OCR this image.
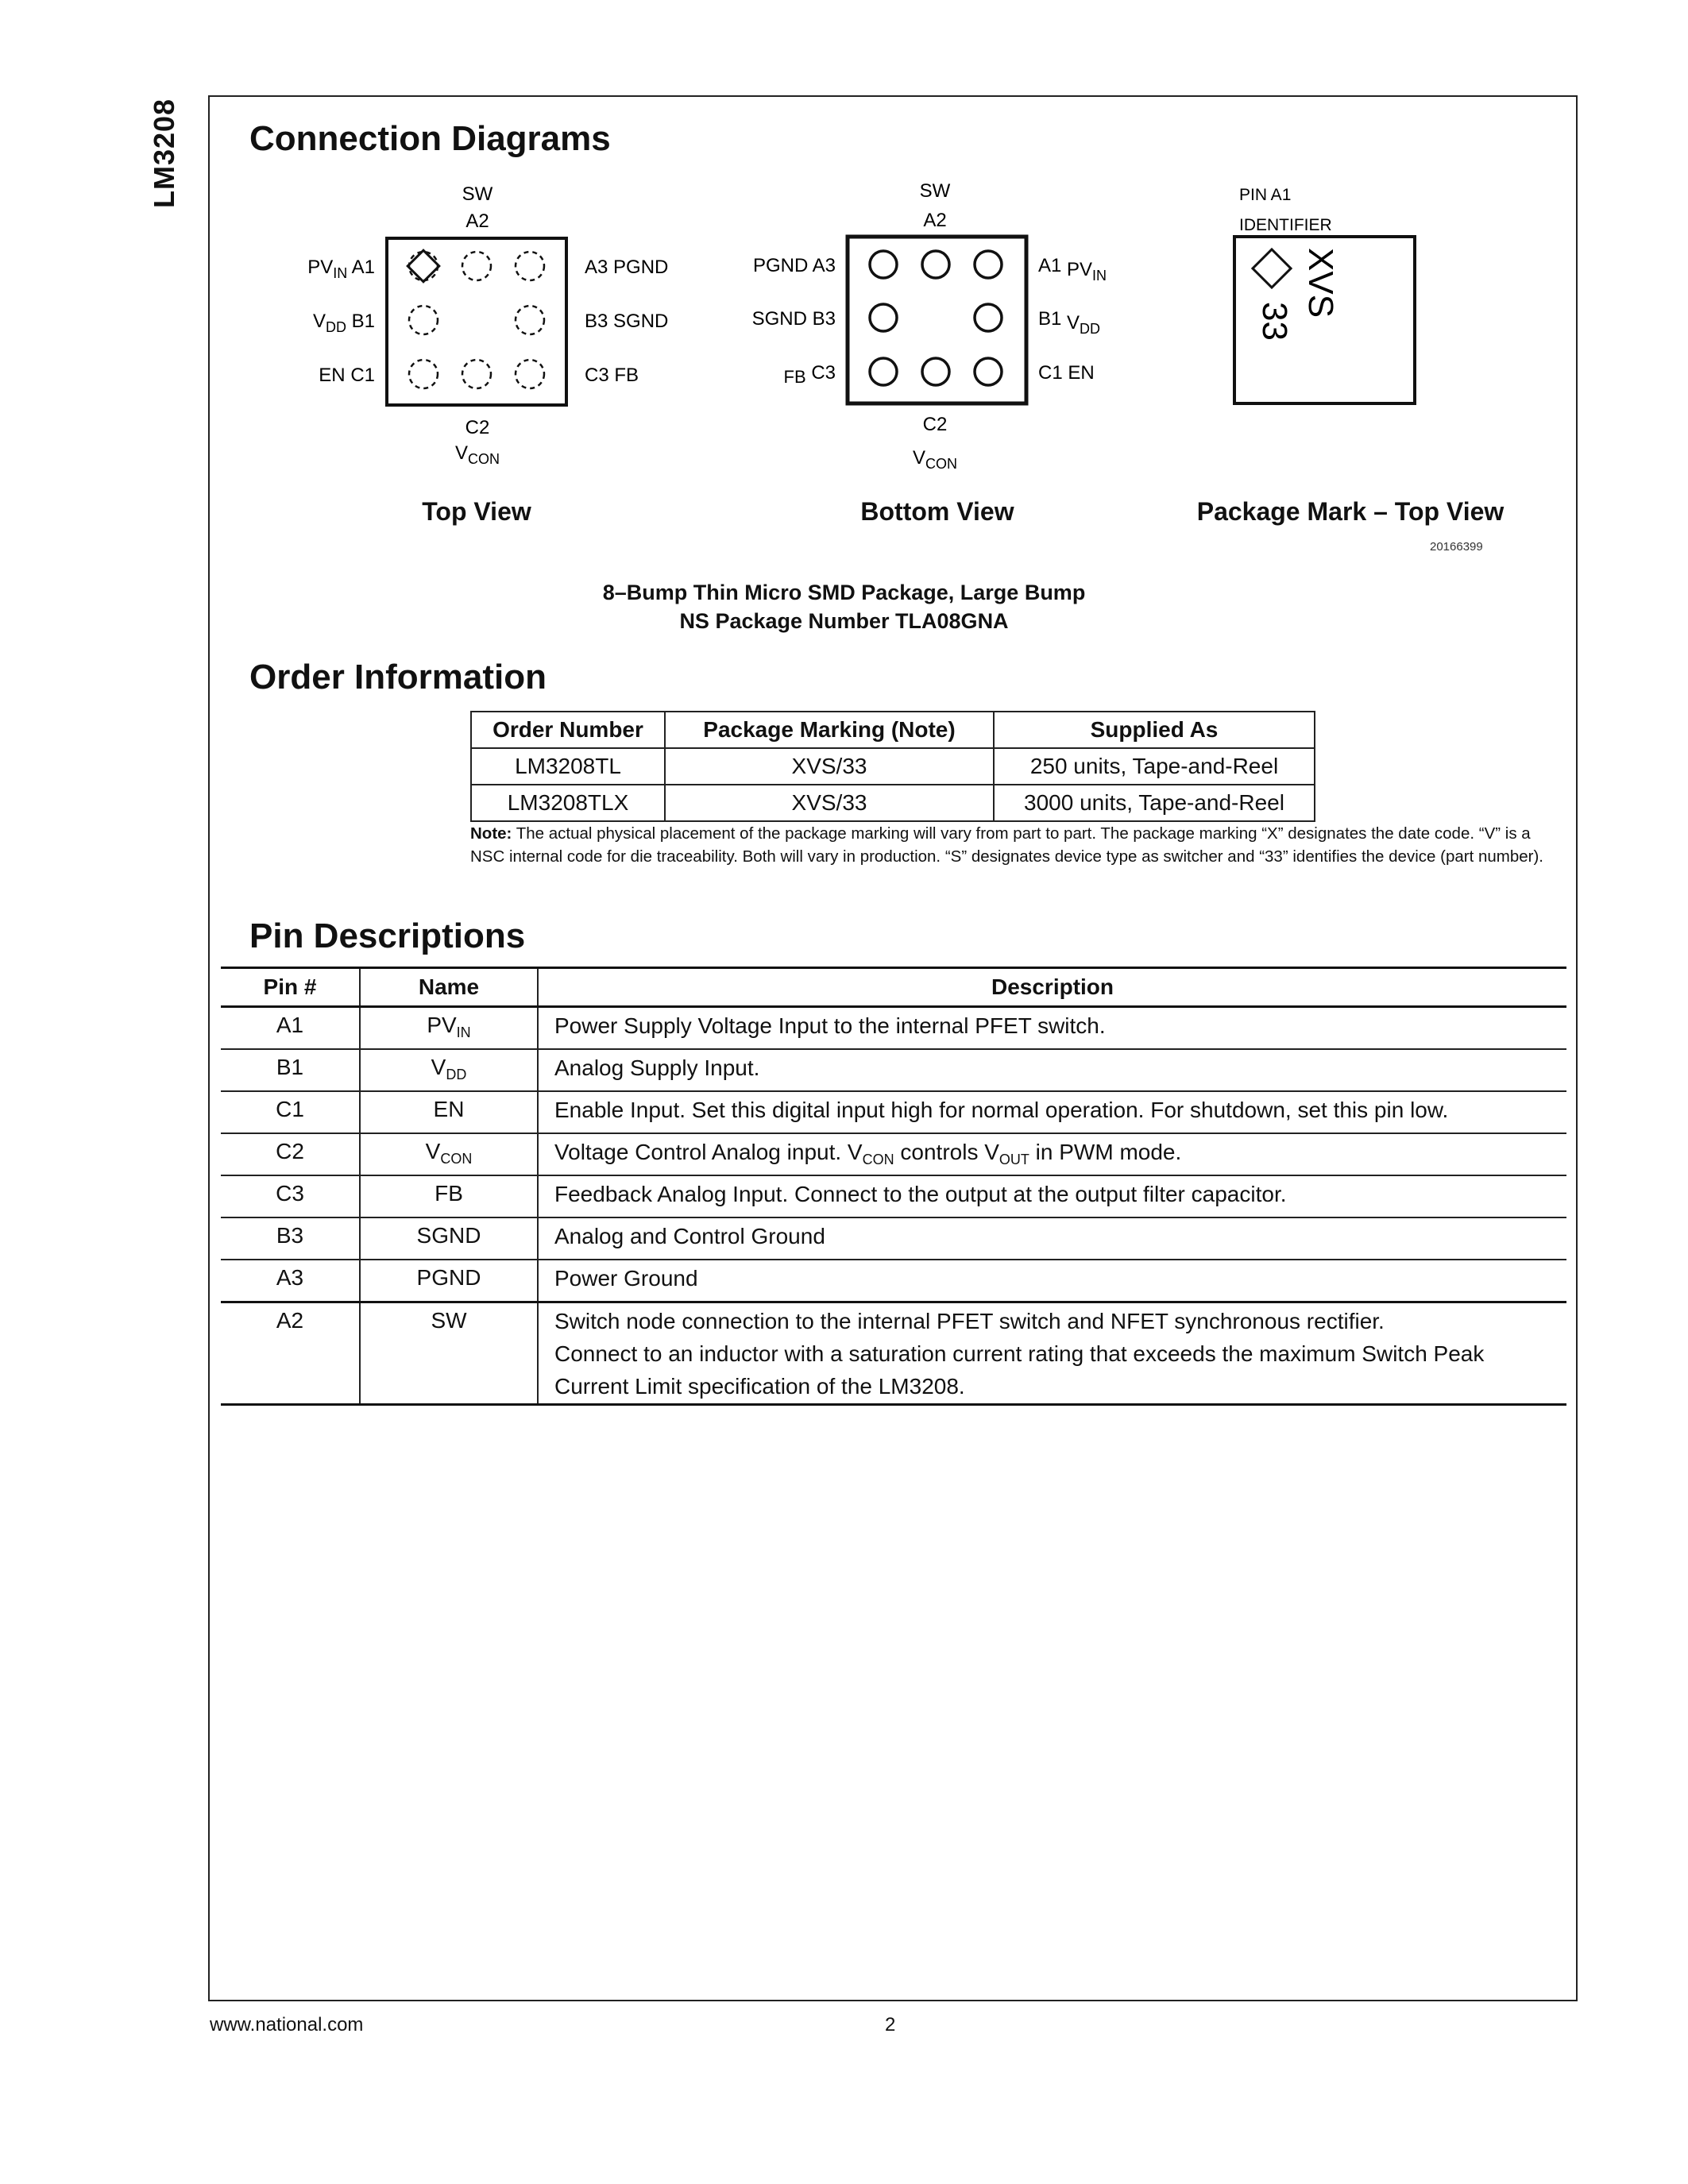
LM3208 Connection Diagrams
SW
A2
$PV_{IN}$ A1
$V_{DD}$ B1
EN C1
A3 PGND
B3 SGND
C3 FB
C2
$V_{CON}$
SW
A2
PGND A3
SGND B3
FB C3
A1 $PV_{IN}$
B1 $V_{DD}$
C1 EN
C2
$V_{CON}$
PIN A1
IDENTIFIER
XVS
33
Top View	Bottom View	Package Mark – Top View
20166399
8–Bump Thin Micro SMD Package, Large Bump
NS Package Number TLA08GNA
Order Information
Order Number	Package Marking (Note)	Supplied As
LM3208TL	XVS/33	250 units, Tape-and-Reel
LM3208TLX	XVS/33	3000 units, Tape-and-Reel
Note: The actual physical placement of the package marking will vary from part to part. The package marking “X” designates the date code. “V” is a NSC internal code for die traceability. Both will vary in production. “S” designates device type as switcher and “33” identifies the device (part number).
Pin Descriptions
Pin #	Name	Description
A1	$PV_{IN}$	Power Supply Voltage Input to the internal PFET switch.
B1	$V_{DD}$	Analog Supply Input.
C1	EN	Enable Input. Set this digital input high for normal operation. For shutdown, set this pin low.
C2	$V_{CON}$	Voltage Control Analog input. $V_{CON}$ controls $V_{OUT}$ in PWM mode.
C3	FB	Feedback Analog Input. Connect to the output at the output filter capacitor.
B3	SGND	Analog and Control Ground
A3	PGND	Power Ground
A2	SW	Switch node connection to the internal PFET switch and NFET synchronous rectifier.
Connect to an inductor with a saturation current rating that exceeds the maximum Switch Peak
Current Limit specification of the LM3208.
www.national.com	2
